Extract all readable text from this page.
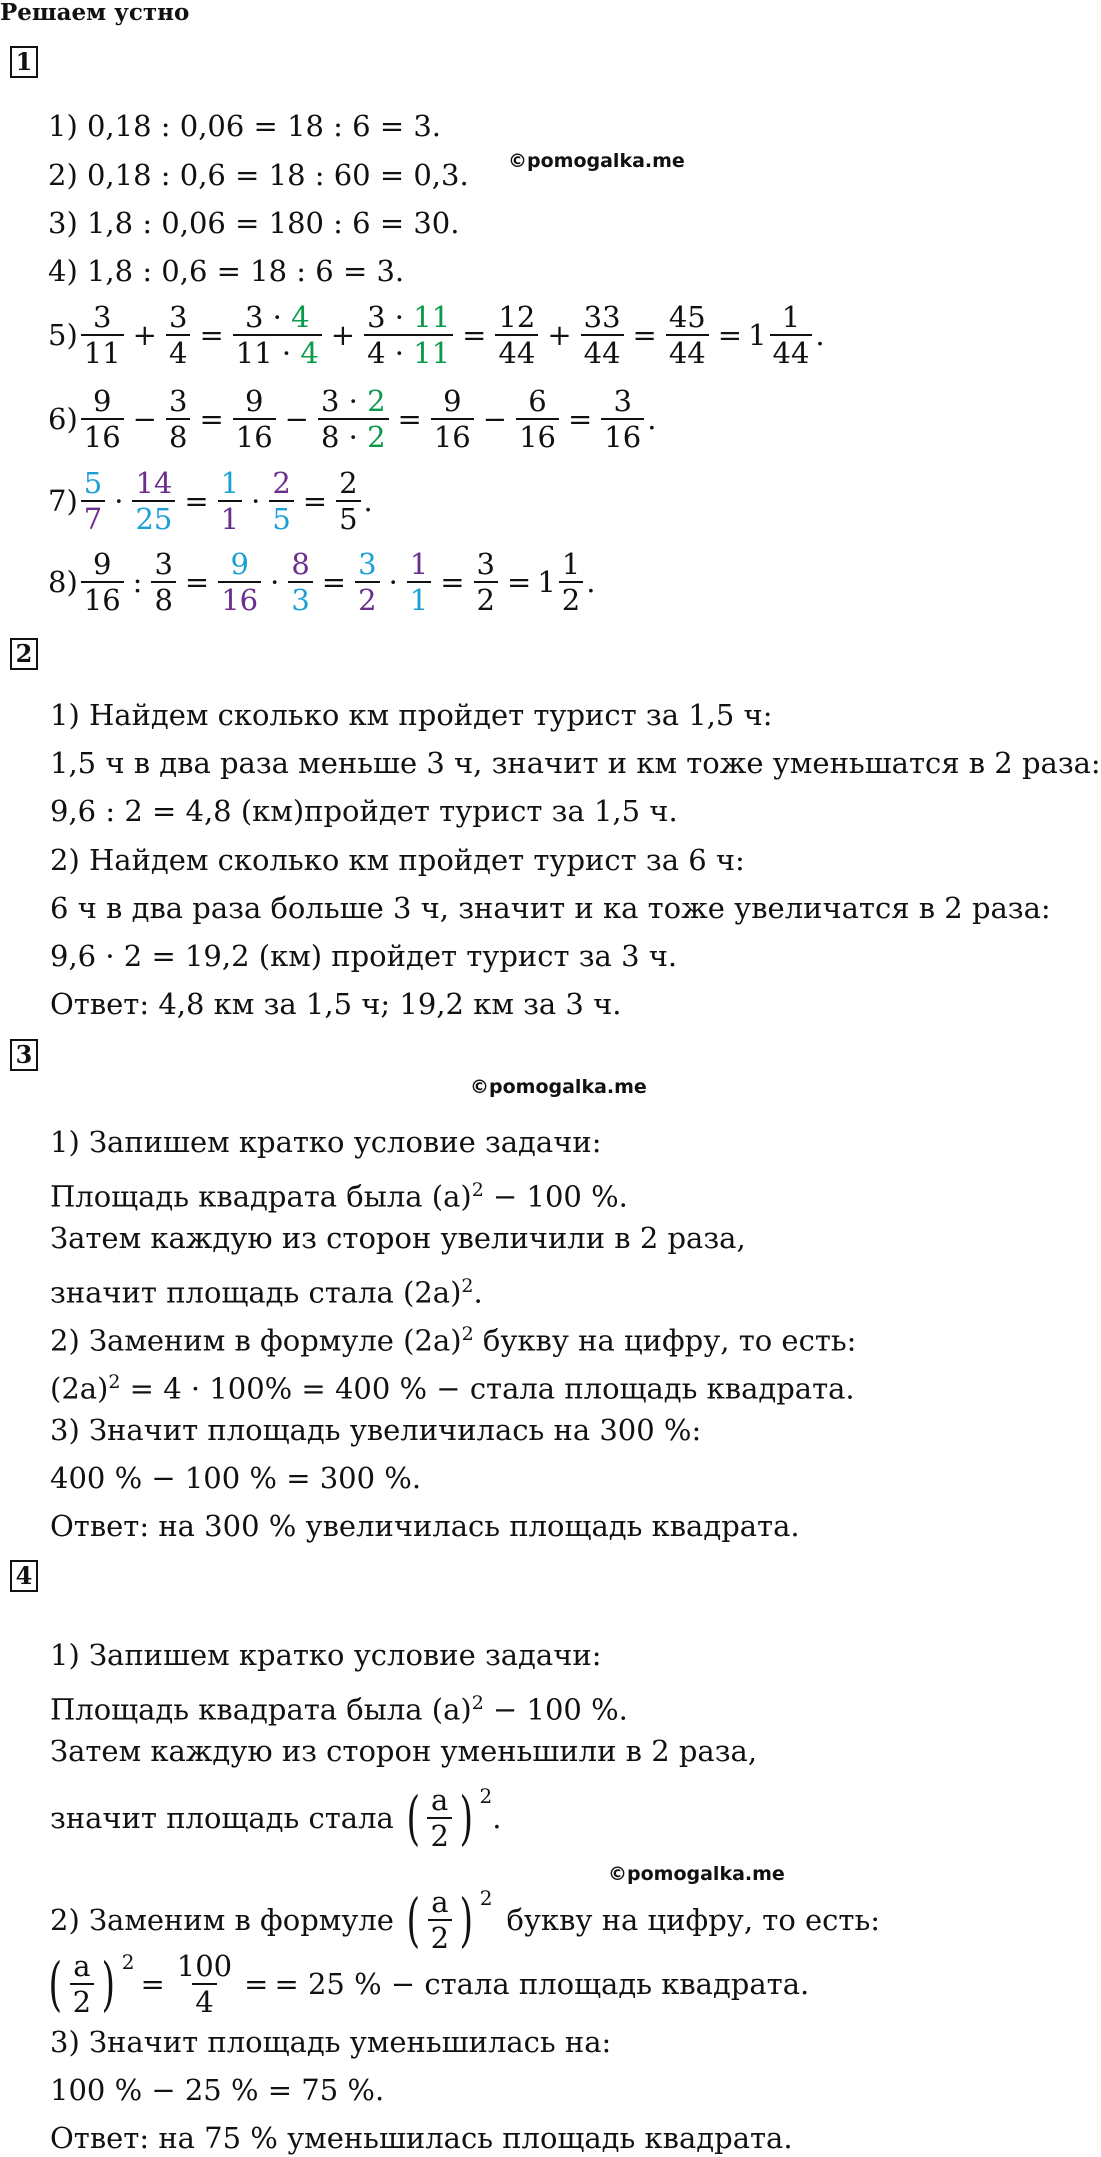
Решаем устно
1
©pomogalka.me
1) 0,18 : 0,06 = 18 : 6 = 3.
2) 0,18 : 0,6 = 18 : 60 = 0,3.
3) 1,8 : 0,06 = 180 : 6 = 30.
4) 1,8 : 0,6 = 18 : 6 = 3.
5)
3
11
+ $\frac{3}{4} = \frac{3 \cdot 4}{11 \cdot 4} + \frac{3 \cdot 11}{4 \cdot 11} = \frac{12}{44} + \frac{33}{44} = \frac{45}{44} = 1$
1
44
.
6)
9
16
− $\frac{3}{8} = \frac{9}{16} - \frac{3 \cdot 2}{8 \cdot 2} = \frac{9}{16} - \frac{6}{16} = \frac{3}{16}$ .
7)
5
7
· $\frac{14}{25} = \frac{1}{1} \cdot \frac{2}{5} = \frac{2}{5}$ .
8)
9
16
: $\frac{3}{8} = \frac{9}{16} \cdot \frac{8}{3} = \frac{3}{2} \cdot \frac{1}{1} = \frac{3}{2} = 1$
1
2
.
2
1) Найдем сколько км пройдет турист за 1,5 ч:
1,5 ч в два раза меньше 3 ч, значит и км тоже уменьшатся в 2 раза:
9,6 : 2 = 4,8 (км)пройдет турист за 1,5 ч.
2) Найдем сколько км пройдет турист за 6 ч:
6 ч в два раза больше 3 ч, значит и ка тоже увеличатся в 2 раза:
9,6 · 2 = 19,2 (км) пройдет турист за 3 ч.
Ответ: 4,8 км за 1,5 ч; 19,2 км за 3 ч.
3
©pomogalka.me
1) Запишем кратко условие задачи:
Площадь квадрата была $(a)^2 - 100$ %.
Затем каждую из сторон увеличили в 2 раза,
значит площадь стала $(2a)^2$.
2) Заменим в формуле $(2a)^2$ букву на цифру, то есть:
$(2a)^2 = 4 \cdot 100\% = 400$ % − стала площадь квадрата.
3) Значит площадь увеличилась на 300 %:
400 % − 100 % = 300 %.
Ответ: на 300 % увеличилась площадь квадрата.
4
1) Запишем кратко условие задачи:
Площадь квадрата была $(a)^2 - 100$ %.
Затем каждую из сторон уменьшили в 2 раза,
значит площадь стала ( a
2 ) 2
.
©pomogalka.me
2) Заменим в формуле ( a
2 ) 2
букву на цифру, то есть:
( a
2 ) 2
= $\frac{100}{4}$ = = 25 % − стала площадь квадрата.
3) Значит площадь уменьшилась на:
100 % − 25 % = 75 %.
Ответ: на 75 % уменьшилась площадь квадрата.
